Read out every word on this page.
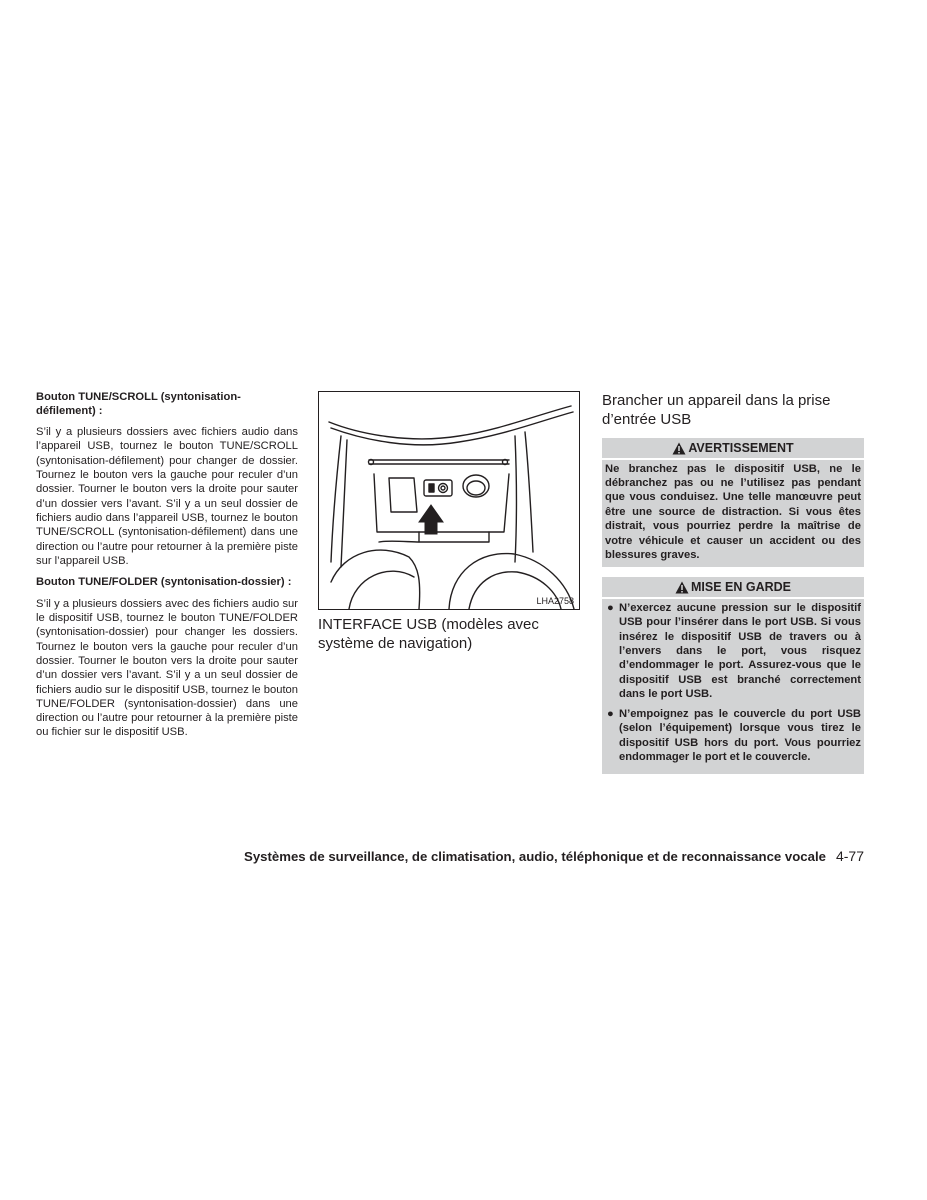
Bouton TUNE/SCROLL (syntonisation-défilement) :

S’il y a plusieurs dossiers avec fichiers audio dans l’appareil USB, tournez le bouton TUNE/SCROLL (syntonisation-défilement) pour changer de dossier. Tournez le bouton vers la gauche pour reculer d’un dossier. Tourner le bouton vers la droite pour sauter d’un dossier vers l’avant. S’il y a un seul dossier de fichiers audio dans l’appareil USB, tournez le bouton TUNE/SCROLL (syntonisation-défilement) dans une direction ou l’autre pour retourner à la première piste sur l’appareil USB.

Bouton TUNE/FOLDER (syntonisation-dossier) :

S’il y a plusieurs dossiers avec des fichiers audio sur le dispositif USB, tournez le bouton TUNE/FOLDER (syntonisation-dossier) pour changer les dossiers. Tournez le bouton vers la gauche pour reculer d’un dossier. Tourner le bouton vers la droite pour sauter d’un dossier vers l’avant. S’il y a un seul dossier de fichiers audio sur le dispositif USB, tournez le bouton TUNE/FOLDER (syntonisation-dossier) dans une direction ou l’autre pour retourner à la première piste ou fichier sur le dispositif USB.

LHA2758
INTERFACE USB (modèles avec système de navigation)

Brancher un appareil dans la prise d’entrée USB

AVERTISSEMENT

Ne branchez pas le dispositif USB, ne le débranchez pas ou ne l’utilisez pas pendant que vous conduisez. Une telle manœuvre peut être une source de distraction. Si vous êtes distrait, vous pourriez perdre la maîtrise de votre véhicule et causer un accident ou des blessures graves.

MISE EN GARDE
● N’exercez aucune pression sur le dispositif USB pour l’insérer dans le port USB. Si vous insérez le dispositif USB de travers ou à l’envers dans le port, vous risquez d’endommager le port. Assurez-vous que le dispositif USB est branché correctement dans le port USB.
● N’empoignez pas le couvercle du port USB (selon l’équipement) lorsque vous tirez le dispositif USB hors du port. Vous pourriez endommager le port et le couvercle.
Systèmes de surveillance, de climatisation, audio, téléphonique et de reconnaissance vocale 4-77
